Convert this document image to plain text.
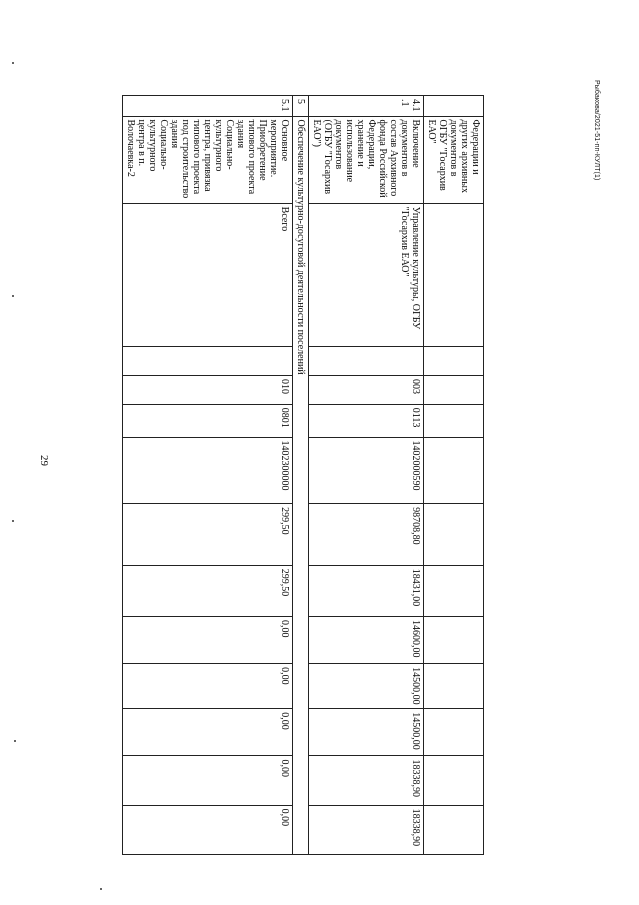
29
Рыбакова/2021-51-пп-КУЛТ(1)
	Федерации и других архивных документов в ОГБУ "Госархив ЕАО"												
4.1.1	Включение документов в состав Архивного фонда Российской Федерации, хранение и использование документов (ОГБУ "Госархив ЕАО")	Управление культуры, ОГБУ "Госархив ЕАО"		003	0113	1402000590	98708,80	18431,00	14600,00	14500,00	14500,00	18338,90	18338,90
5	Обеспечение культурно-досуговой деятельности поселений												
5.1	Основное мероприятие. Приобретение типового проекта здания Социально-культурного центра, привязка типового проекта под строительство здания Социально-культурного центра в п. Волочаевка-2	Всего		010	0801	1402300000	299,50	299,50	0,00	0,00	0,00	0,00	0,00
